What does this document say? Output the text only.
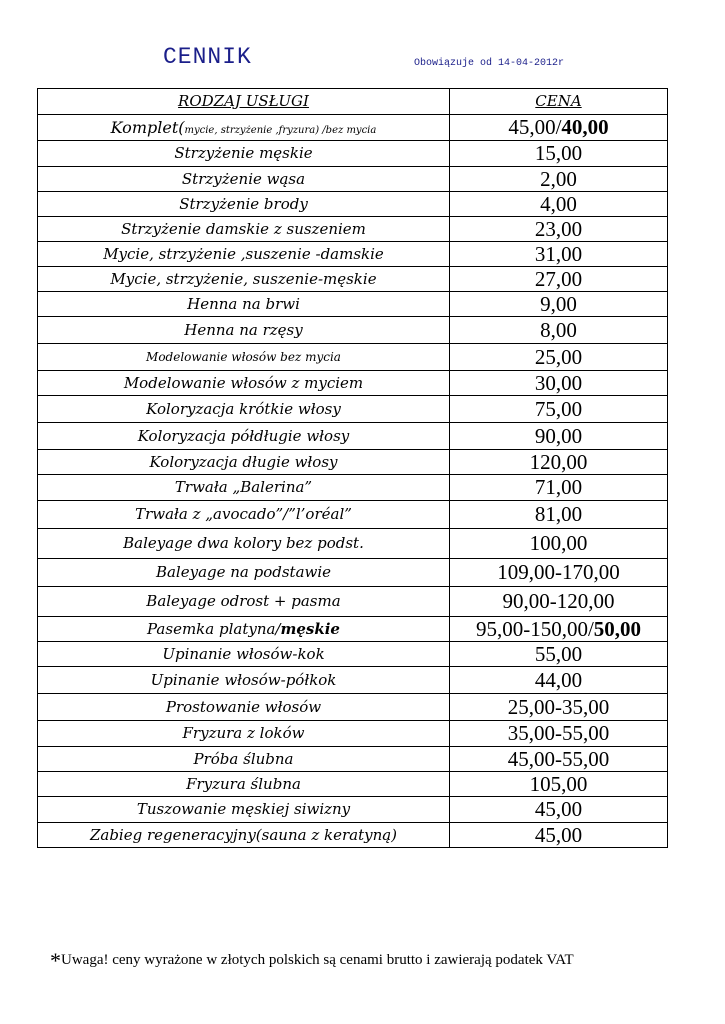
CENNIK	Obowiązuje od 14-04-2012r
RODZAJ USŁUGI	CENA
Komplet(mycie, strzyżenie ,fryzura) /bez mycia	45,00/40,00
Strzyżenie męskie	15,00
Strzyżenie wąsa	2,00
Strzyżenie brody	4,00
Strzyżenie damskie z suszeniem	23,00
Mycie, strzyżenie ,suszenie -damskie	31,00
Mycie, strzyżenie, suszenie-męskie	27,00
Henna na brwi	9,00
Henna na rzęsy	8,00
Modelowanie włosów bez mycia	25,00
Modelowanie włosów z myciem	30,00
Koloryzacja krótkie włosy	75,00
Koloryzacja półdługie włosy	90,00
Koloryzacja długie włosy	120,00
Trwała „Balerina”	71,00
Trwała z „avocado”/”l’oréal”	81,00
Baleyage dwa kolory bez podst.	100,00
Baleyage na podstawie	109,00-170,00
Baleyage odrost + pasma	90,00-120,00
Pasemka platyna/męskie	95,00-150,00/50,00
Upinanie włosów-kok	55,00
Upinanie włosów-półkok	44,00
Prostowanie włosów	25,00-35,00
Fryzura z loków	35,00-55,00
Próba ślubna	45,00-55,00
Fryzura ślubna	105,00
Tuszowanie męskiej siwizny	45,00
Zabieg regeneracyjny(sauna z keratyną)	45,00
*Uwaga! ceny wyrażone w złotych polskich są cenami brutto i zawierają podatek VAT
